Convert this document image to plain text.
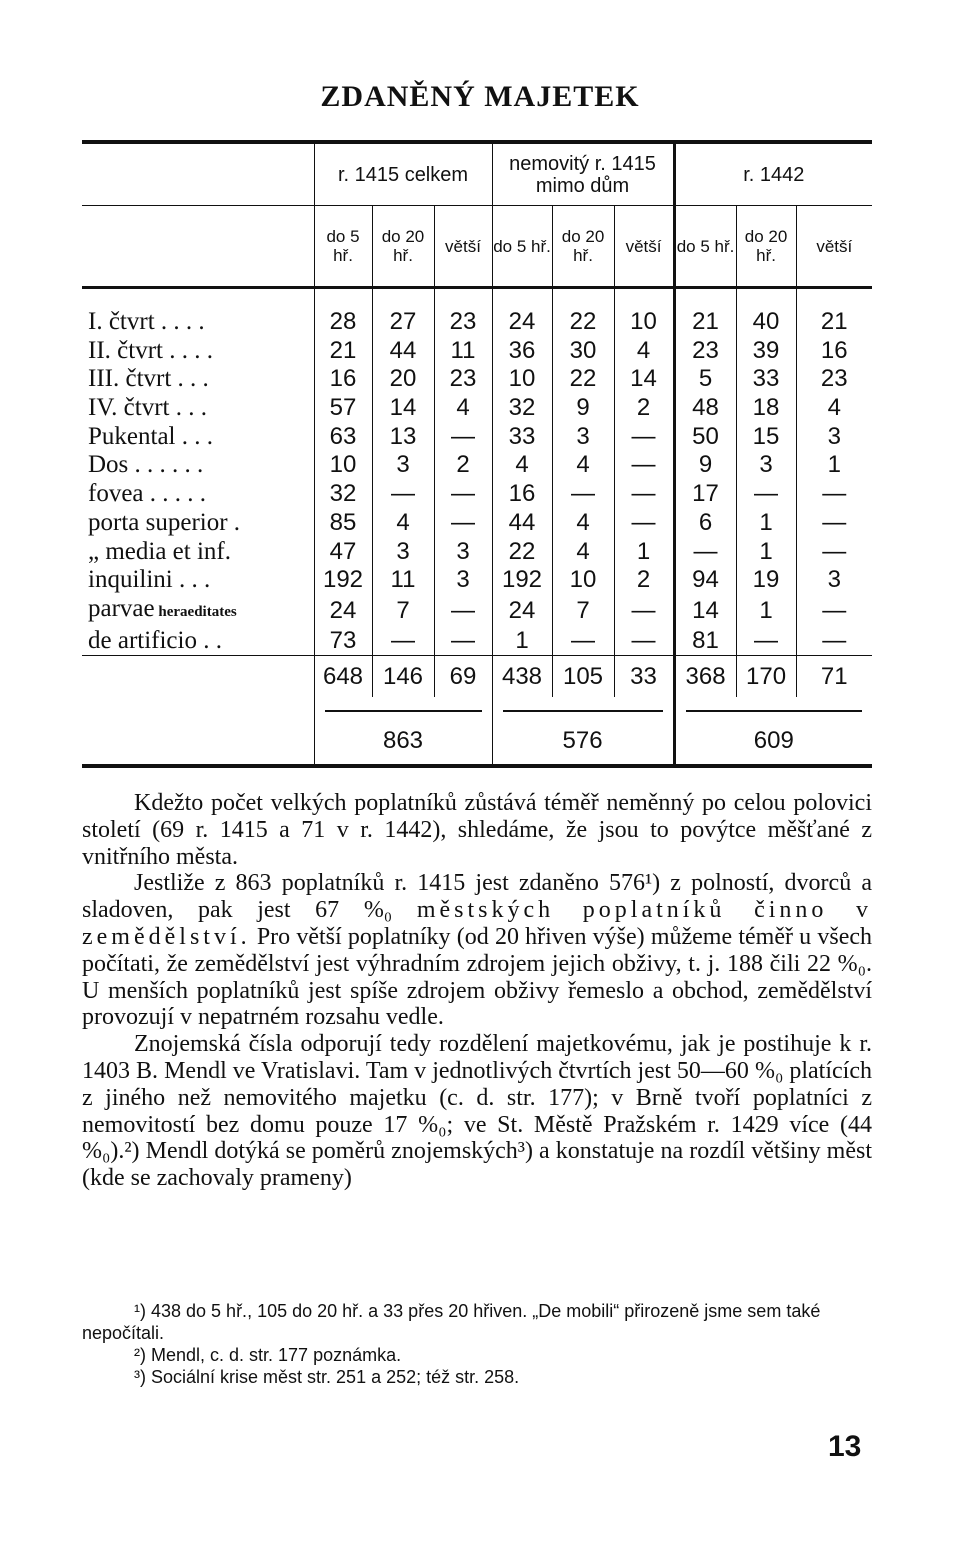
ZDANĚNÝ MAJETEK
	r. 1415 celkem			nemovitý r. 1415 mimo dům			r. 1442		
	do 5 hř.	do 20 hř.	větší	do 5 hř.	do 20 hř.	větší	do 5 hř.	do 20 hř.	větší

I. čtvrt . . . .	28	27	23	24	22	10	21	40	21
II. čtvrt . . . .	21	44	11	36	30	4	23	39	16
III. čtvrt . . .	16	20	23	10	22	14	5	33	23
IV. čtvrt . . .	57	14	4	32	9	2	48	18	4
Pukental . . .	63	13	—	33	3	—	50	15	3
Dos . . . . . .	10	3	2	4	4	—	9	3	1
fovea . . . . .	32	—	—	16	—	—	17	—	—
porta superior .	85	4	—	44	4	—	6	1	—
„ media et inf.	47	3	3	22	4	1	—	1	—
inquilini . . .	192	11	3	192	10	2	94	19	3
parvae heraeditates	24	7	—	24	7	—	14	1	—
de artificio . .	73	—	—	1	—	—	81	—	—
	648	146	69	438	105	33	368	170	71

	863			576			609		

Kdežto počet velkých poplatníků zůstává téměř neměnný po celou polovici století (69 r. 1415 a 71 v r. 1442), shledáme, že jsou to povýtce měšťané z vnitřního města.

Jestliže z 863 poplatníků r. 1415 jest zdaněno 576¹) z polností, dvorců a sladoven, pak jest 67 %₀ městských poplatníků činno v zemědělství. Pro větší poplatníky (od 20 hřiven výše) můžeme téměř u všech počítati, že zemědělství jest výhradním zdrojem jejich obživy, t. j. 188 čili 22 %₀. U menších poplatníků jest spíše zdrojem obživy řemeslo a obchod, zemědělství provozují v nepatrném rozsahu vedle.

Znojemská čísla odporují tedy rozdělení majetkovému, jak je postihuje k r. 1403 B. Mendl ve Vratislavi. Tam v jednotlivých čtvrtích jest 50—60 %₀ platících z jiného než nemovitého majetku (c. d. str. 177); v Brně tvoří poplatníci z nemovitostí bez domu pouze 17 %₀; ve St. Městě Pražském r. 1429 více (44 %₀).²) Mendl dotýká se poměrů znojemských³) a konstatuje na rozdíl většiny měst (kde se zachovaly prameny)

¹) 438 do 5 hř., 105 do 20 hř. a 33 přes 20 hřiven. „De mobili“ přirozeně jsme sem také nepočítali.

²) Mendl, c. d. str. 177 poznámka.

³) Sociální krise měst str. 251 a 252; též str. 258.

13
